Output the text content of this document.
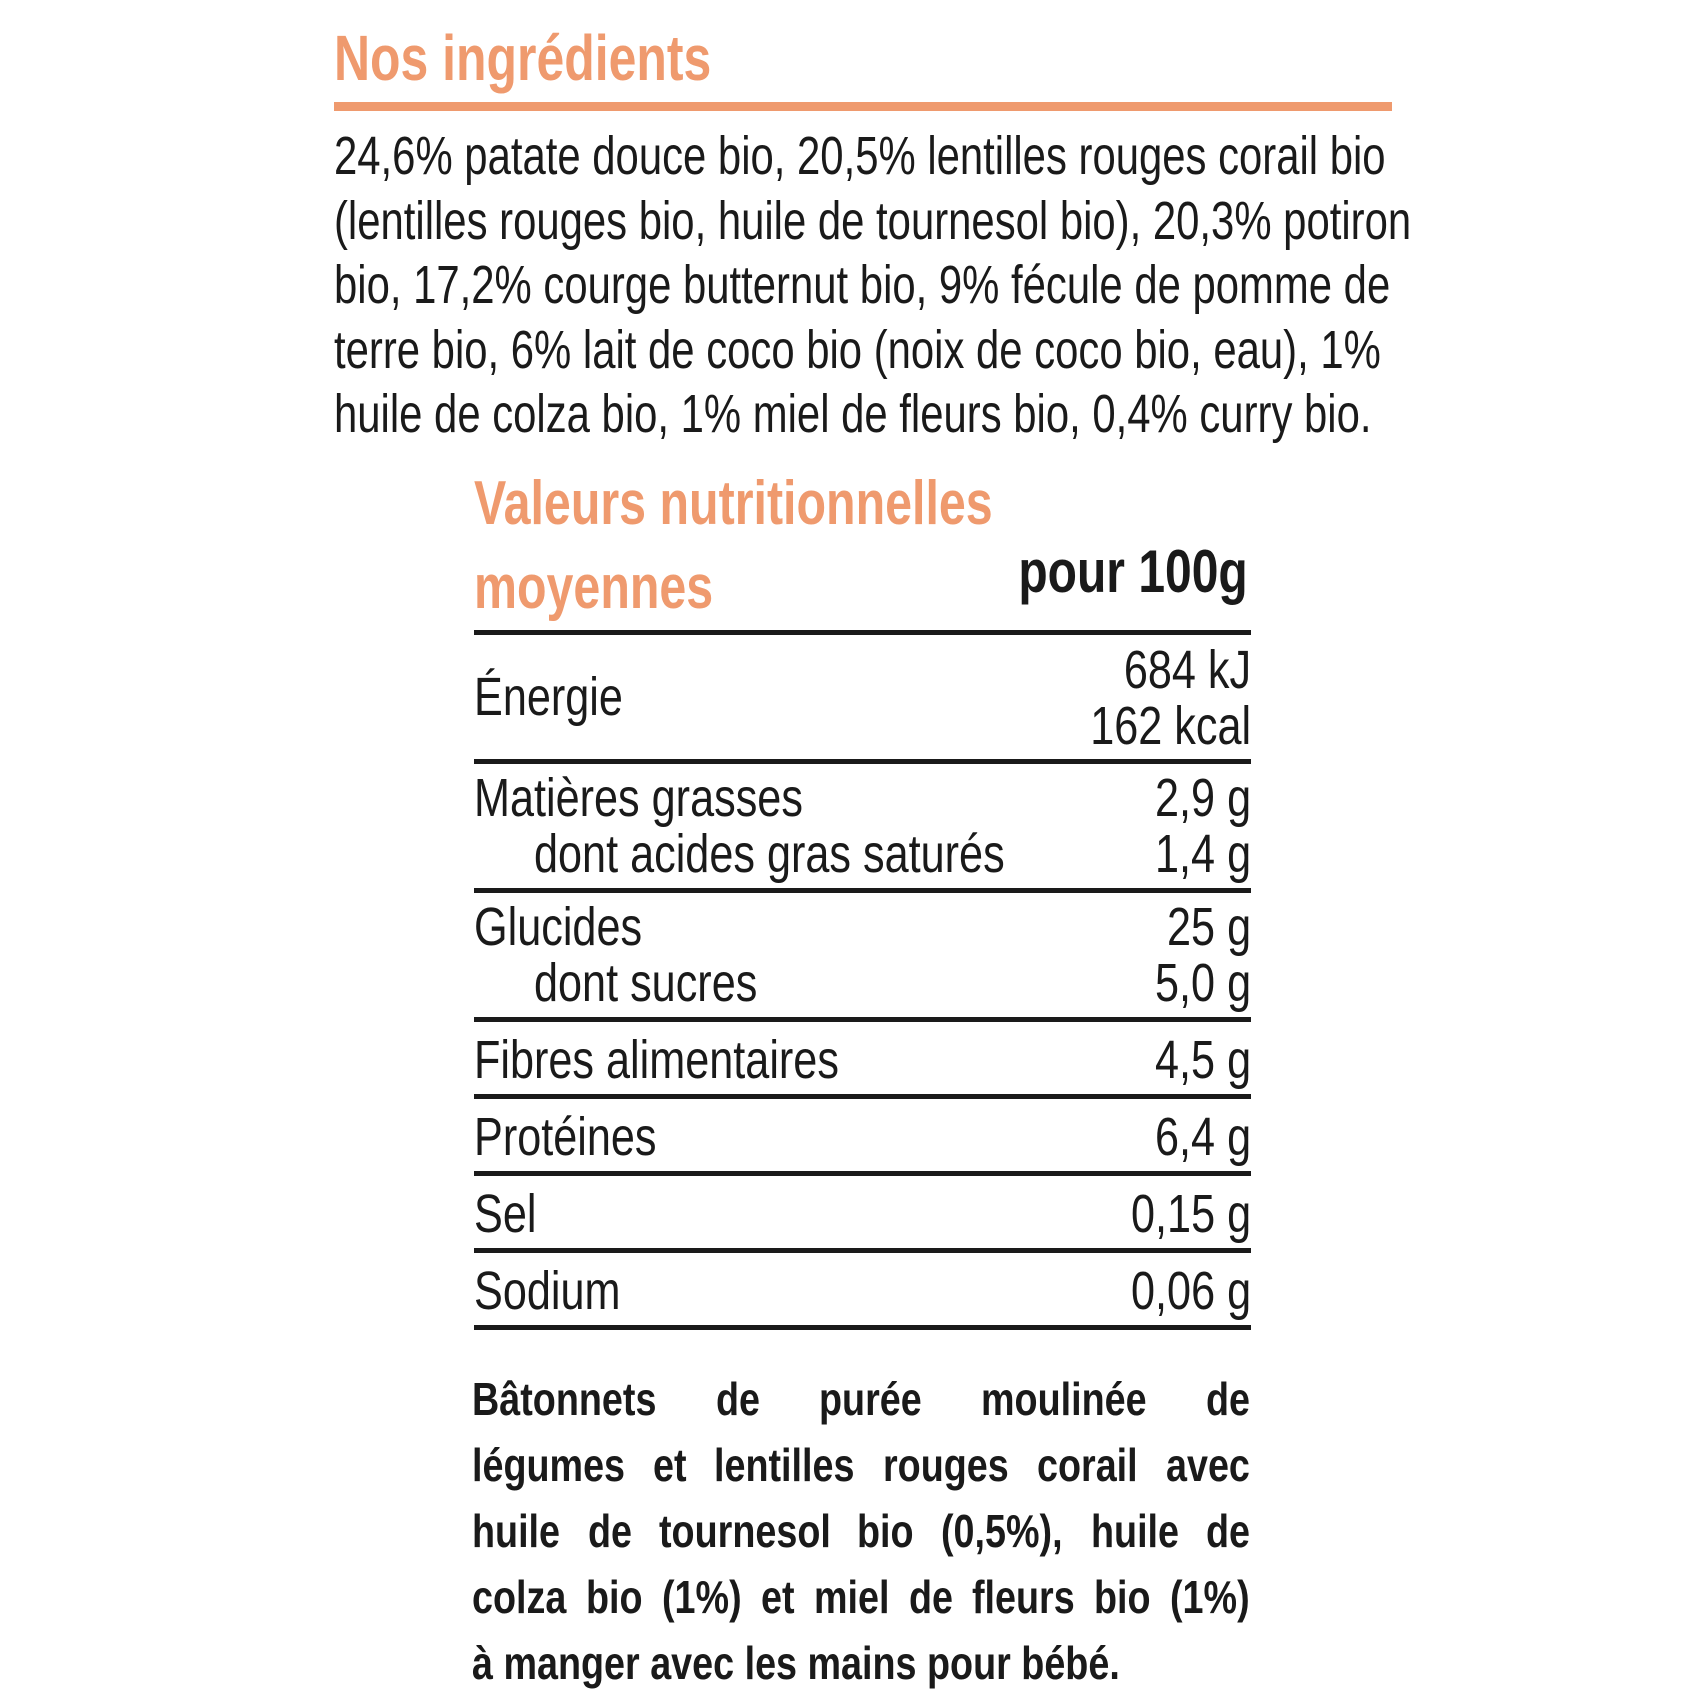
Nos ingrédients
24,6% patate douce bio, 20,5% lentilles rouges corail bio
(lentilles rouges bio, huile de tournesol bio), 20,3% potiron
bio, 17,2% courge butternut bio, 9% fécule de pomme de
terre bio, 6% lait de coco bio (noix de coco bio, eau), 1%
huile de colza bio, 1% miel de fleurs bio, 0,4% curry bio.
Valeurs nutritionnelles
moyennes	pour 100g
Énergie	684 kJ
162 kcal
Matières grasses	2,9 g
dont acides gras saturés	1,4 g
Glucides	25 g
dont sucres	5,0 g
Fibres alimentaires	4,5 g
Protéines	6,4 g
Sel	0,15 g
Sodium	0,06 g
Bâtonnets de purée moulinée de
légumes et lentilles rouges corail avec
huile de tournesol bio (0,5%), huile de
colza bio (1%) et miel de fleurs bio (1%)
à manger avec les mains pour bébé.
